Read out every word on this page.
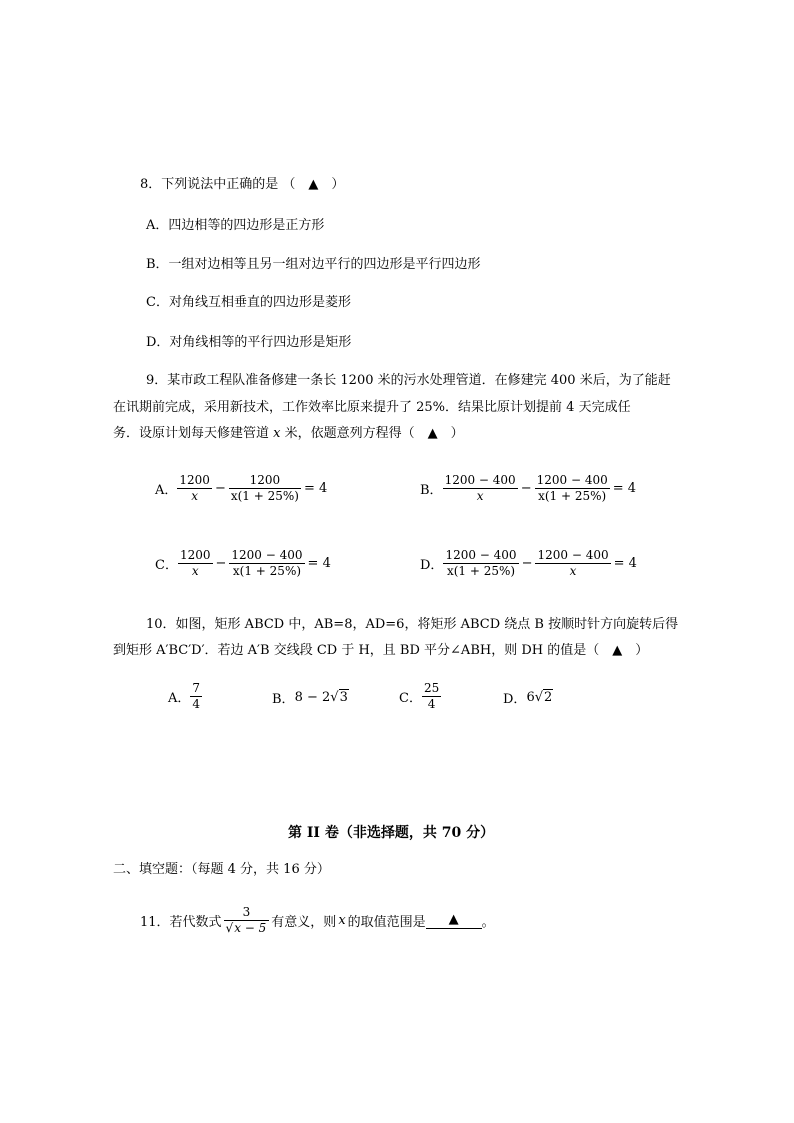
8．下列说法中正确的是 （　▲　）
A．四边相等的四边形是正方形
B．一组对边相等且另一组对边平行的四边形是平行四边形
C．对角线互相垂直的四边形是菱形
D．对角线相等的平行四边形是矩形
9．某市政工程队准备修建一条长 1200 米的污水处理管道．在修建完 400 米后，为了能赶
在讯期前完成，采用新技术，工作效率比原来提升了 25%．结果比原计划提前 4 天完成任
务．设原计划每天修建管道 x 米，依题意列方程得（　▲　）
A． $\frac{1200}{x} - \frac{1200}{x(1 + 25\%)} = 4$	B． $\frac{1200 - 400}{x} - \frac{1200 - 400}{x(1 + 25\%)} = 4$
C． $\frac{1200}{x} - \frac{1200 - 400}{x(1 + 25\%)} = 4$	D． $\frac{1200 - 400}{x(1 + 25\%)} - \frac{1200 - 400}{x} = 4$
10．如图，矩形 ABCD 中，AB=8，AD=6，将矩形 ABCD 绕点 B 按顺时针方向旋转后得
到矩形 A′BC′D′．若边 A′B 交线段 CD 于 H，且 BD 平分∠ABH，则 DH 的值是（　▲　）
A． $\frac{7}{4}$	B． 8 − 2 √3	C． $\frac{25}{4}$	D． 6 √2
第 II 卷（非选择题，共 70 分）
二、填空题：（每题 4 分，共 16 分）
11．若代数式 $\frac{3}{√x - 5}$ 有意义，则 x 的取值范围是	▲	。
